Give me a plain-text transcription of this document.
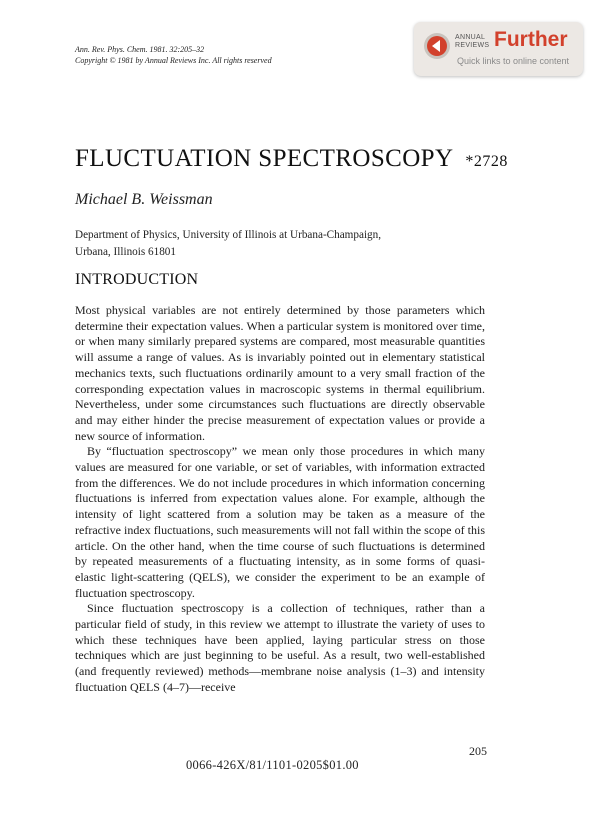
Ann. Rev. Phys. Chem. 1981. 32:205–32
Copyright © 1981 by Annual Reviews Inc. All rights reserved
ANNUAL
REVIEWS Further
Quick links to online content
FLUCTUATION SPECTROSCOPY *2728
Michael B. Weissman
Department of Physics, University of Illinois at Urbana-Champaign,
Urbana, Illinois 61801
INTRODUCTION

Most physical variables are not entirely determined by those parameters which determine their expectation values. When a particular system is monitored over time, or when many similarly prepared systems are compared, most measurable quantities will assume a range of values. As is invariably pointed out in elementary statistical mechanics texts, such fluctuations ordinarily amount to a very small fraction of the corresponding expectation values in macroscopic systems in thermal equilibrium. Nevertheless, under some circumstances such fluctuations are directly observable and may either hinder the precise measurement of expectation values or provide a new source of information.

By “fluctuation spectroscopy” we mean only those procedures in which many values are measured for one variable, or set of variables, with information extracted from the differences. We do not include procedures in which information concerning fluctuations is inferred from expectation values alone. For example, although the intensity of light scattered from a solution may be taken as a measure of the refractive index fluctuations, such measurements will not fall within the scope of this article. On the other hand, when the time course of such fluctuations is determined by repeated measurements of a fluctuating intensity, as in some forms of quasi-elastic light-scattering (QELS), we consider the experiment to be an example of fluctuation spectroscopy.

Since fluctuation spectroscopy is a collection of techniques, rather than a particular field of study, in this review we attempt to illustrate the variety of uses to which these techniques have been applied, laying particular stress on those techniques which are just beginning to be useful. As a result, two well-established (and frequently reviewed) methods—membrane noise analysis (1–3) and intensity fluctuation QELS (4–7)—receive

205
0066-426X/81/1101-0205$01.00
